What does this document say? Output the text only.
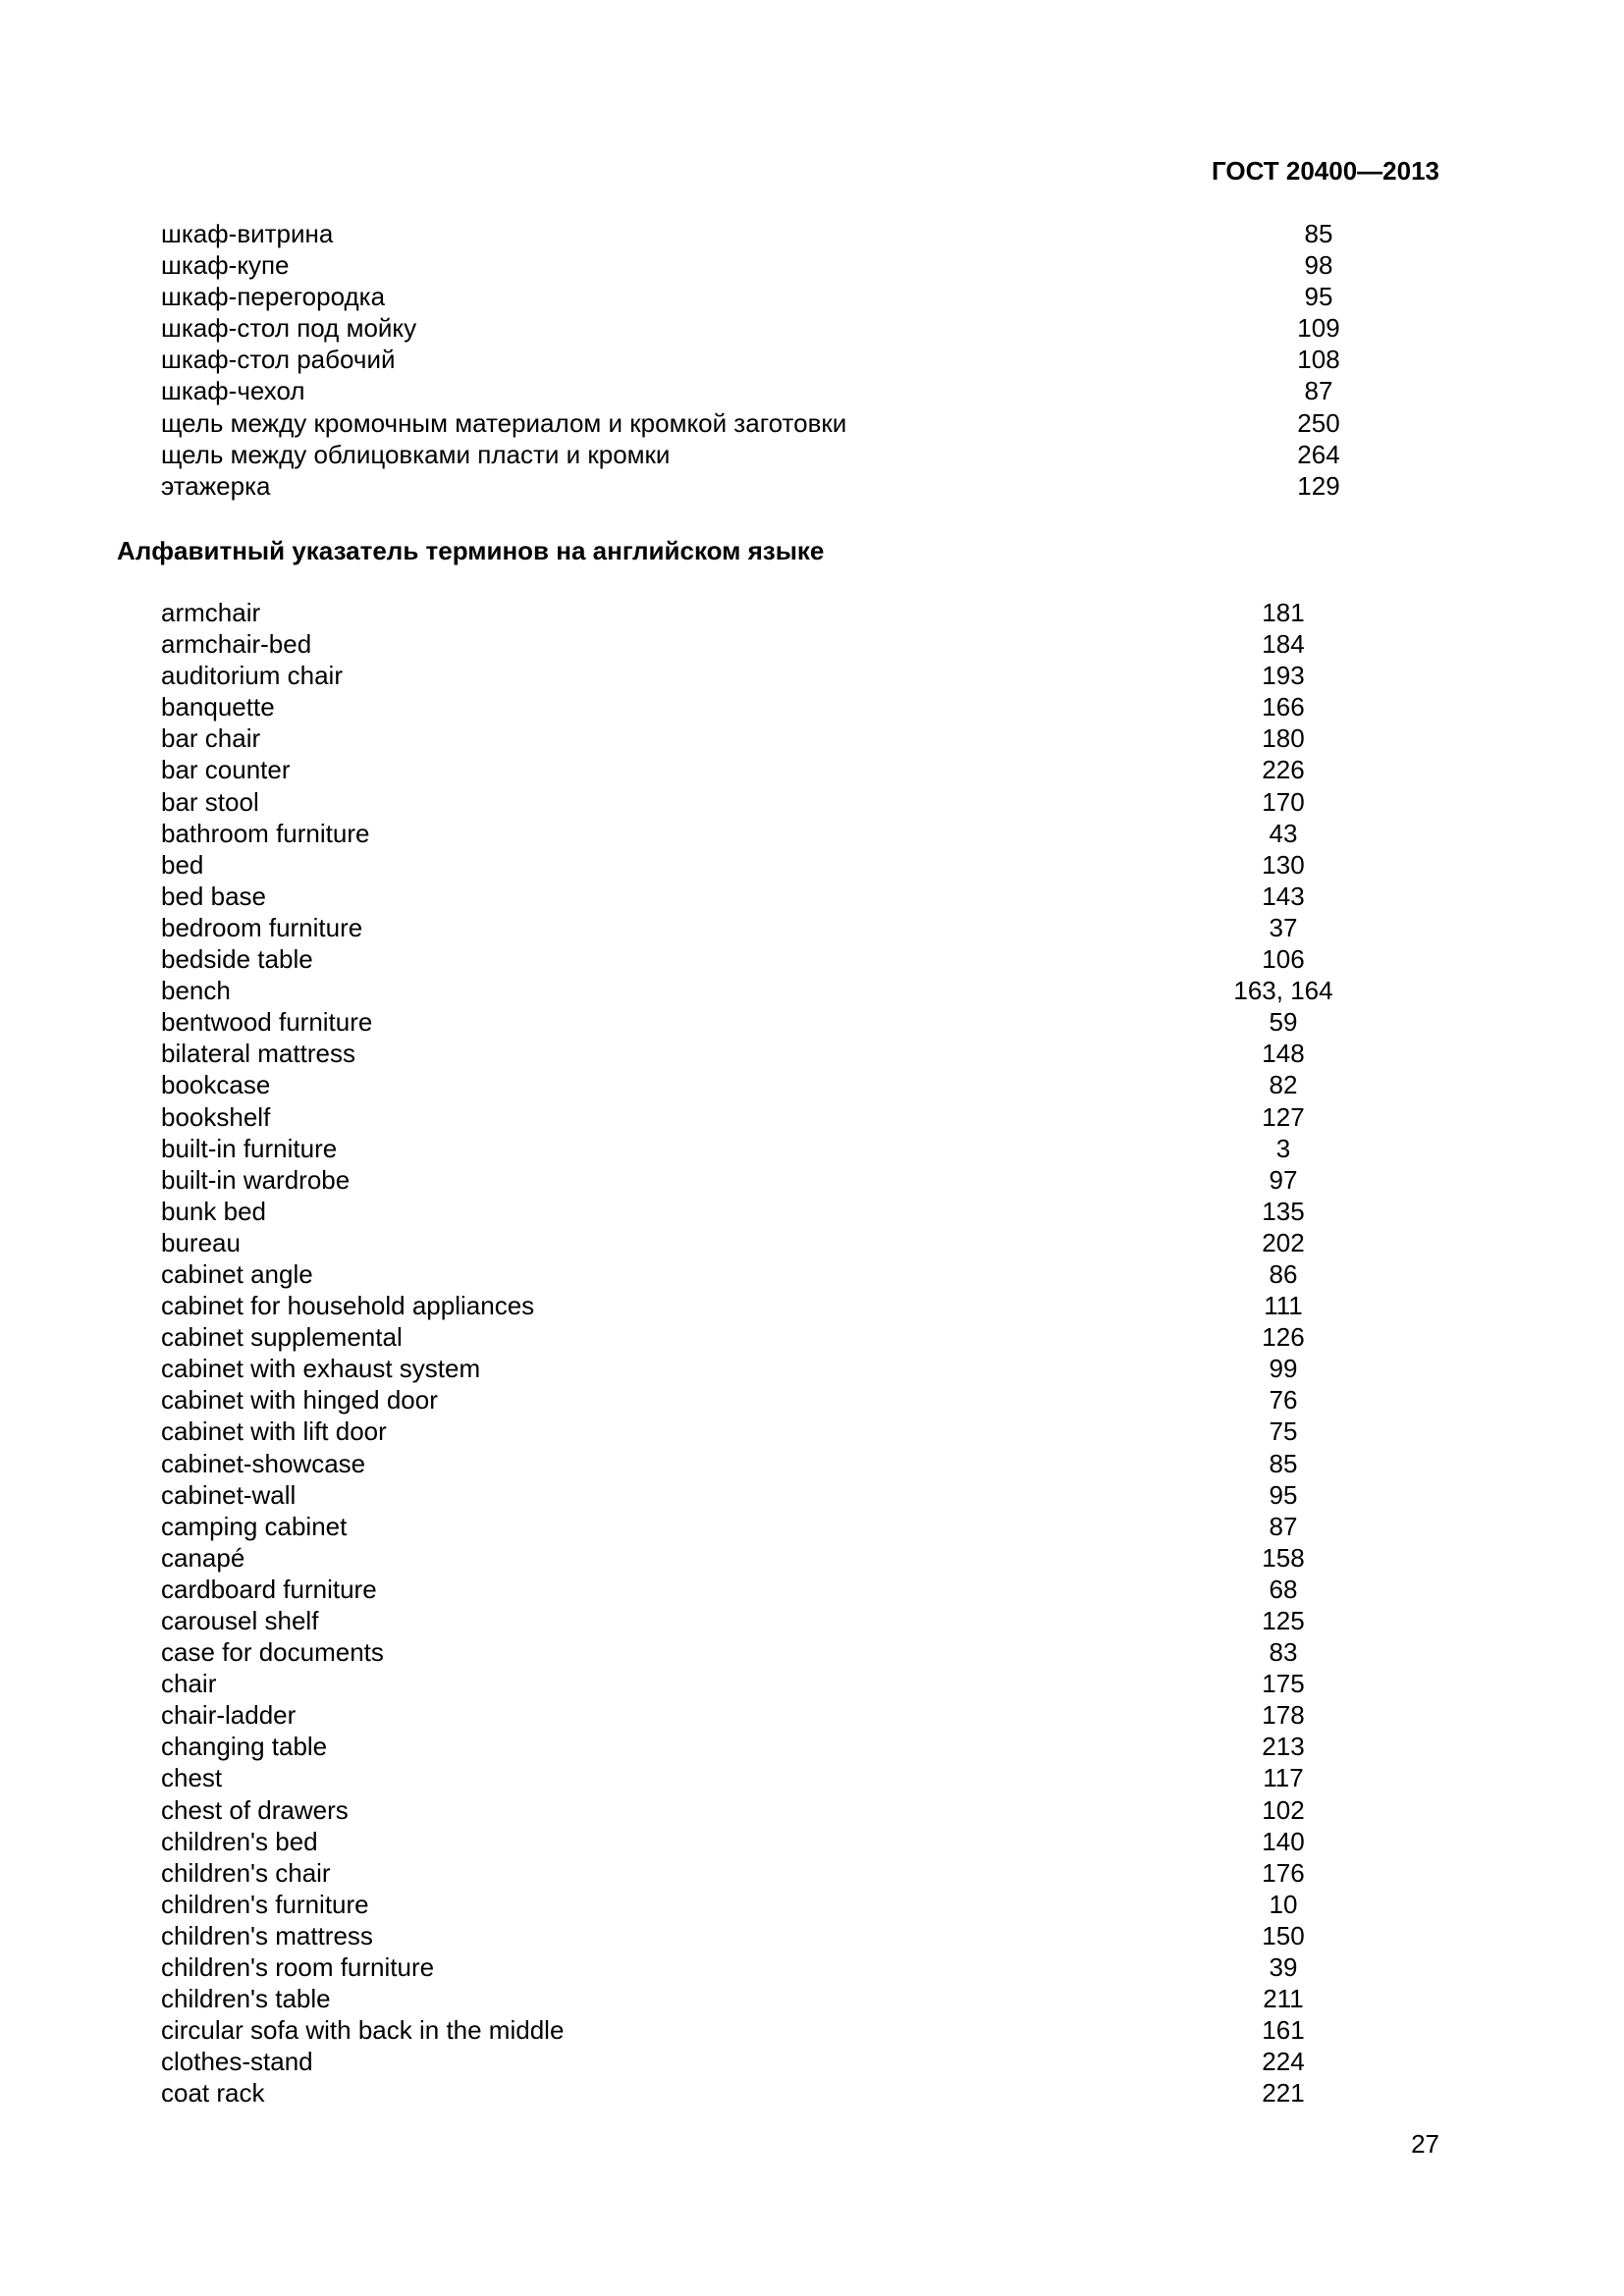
ГОСТ 20400—2013
шкаф-витрина	85
шкаф-купе	98
шкаф-перегородка	95
шкаф-стол под мойку	109
шкаф-стол рабочий	108
шкаф-чехол	87
щель между кромочным материалом и кромкой заготовки	250
щель между облицовками пласти и кромки	264
этажерка	129
Алфавитный указатель терминов на английском языке
armchair	181
armchair-bed	184
auditorium chair	193
banquette	166
bar chair	180
bar counter	226
bar stool	170
bathroom furniture	43
bed	130
bed base	143
bedroom furniture	37
bedside table	106
bench	163, 164
bentwood furniture	59
bilateral mattress	148
bookcase	82
bookshelf	127
built-in furniture	3
built-in wardrobe	97
bunk bed	135
bureau	202
cabinet angle	86
cabinet for household appliances	111
cabinet supplemental	126
cabinet with exhaust system	99
cabinet with hinged door	76
cabinet with lift door	75
cabinet-showcase	85
cabinet-wall	95
camping cabinet	87
canapé	158
cardboard furniture	68
carousel shelf	125
case for documents	83
chair	175
chair-ladder	178
changing table	213
chest	117
chest of drawers	102
children's bed	140
children's chair	176
children's furniture	10
children's mattress	150
children's room furniture	39
children's table	211
circular sofa with back in the middle	161
clothes-stand	224
coat rack	221
27
